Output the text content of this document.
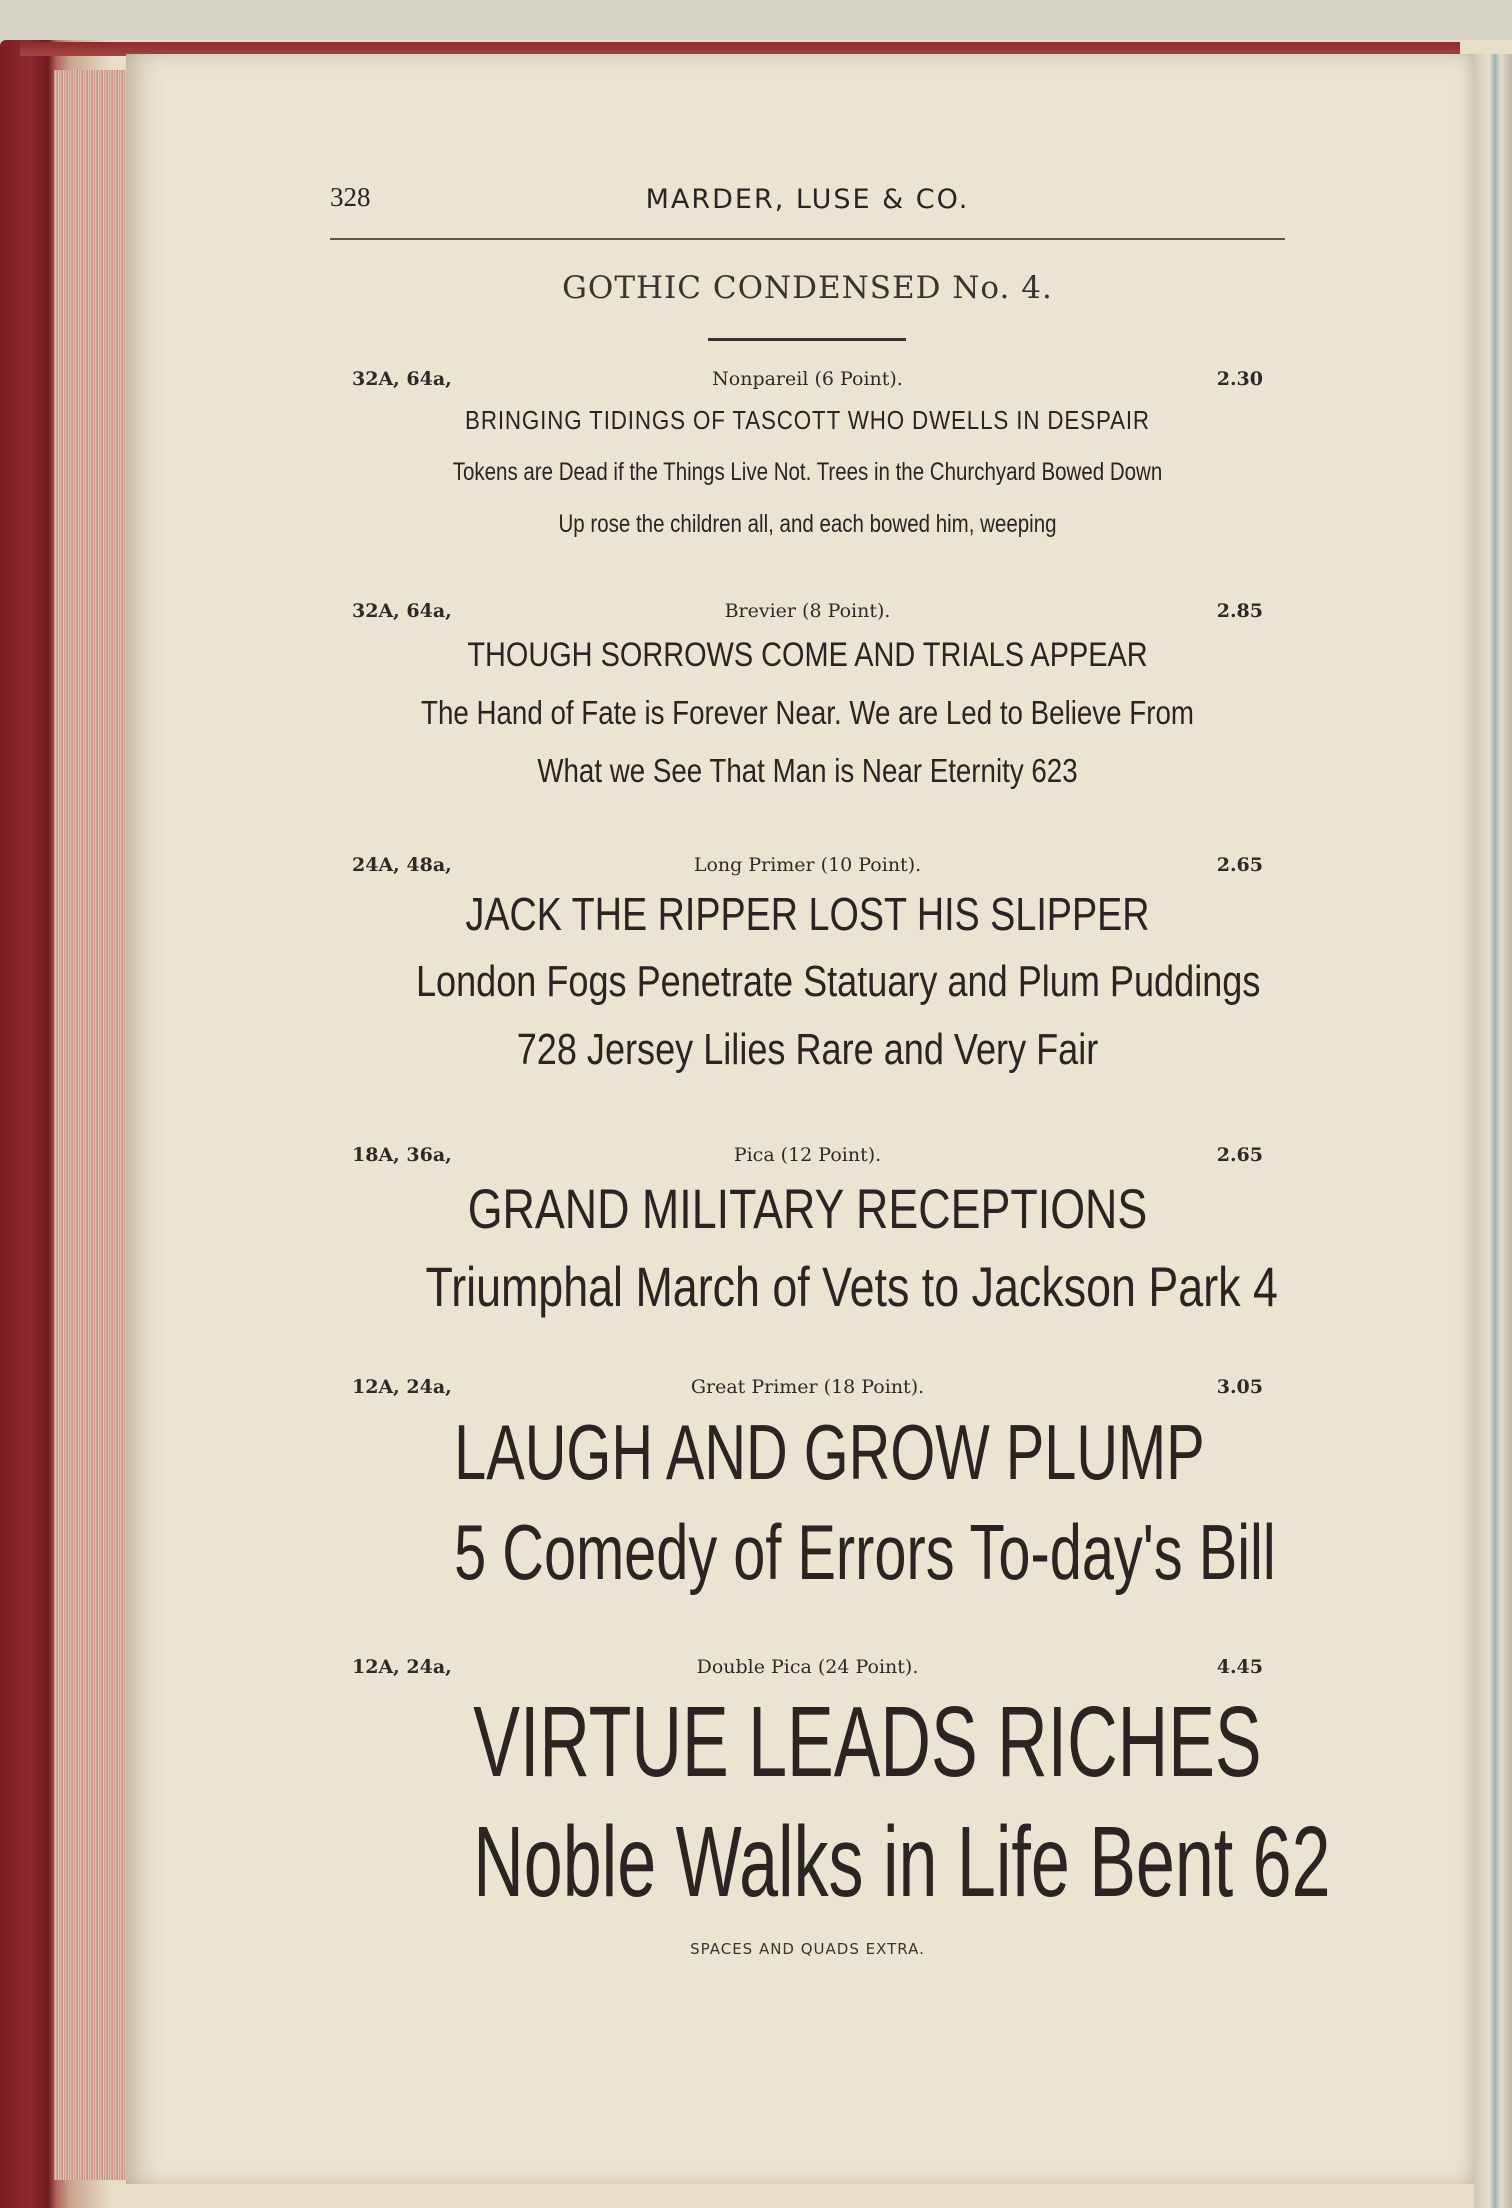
328	MARDER, LUSE & CO.
GOTHIC CONDENSED No. 4.
32A, 64a,	Nonpareil (6 Point).	2.30
BRINGING TIDINGS OF TASCOTT WHO DWELLS IN DESPAIR
Tokens are Dead if the Things Live Not. Trees in the Churchyard Bowed Down
Up rose the children all, and each bowed him, weeping
32A, 64a,	Brevier (8 Point).	2.85
THOUGH SORROWS COME AND TRIALS APPEAR
The Hand of Fate is Forever Near. We are Led to Believe From
What we See That Man is Near Eternity 623
24A, 48a,	Long Primer (10 Point).	2.65
JACK THE RIPPER LOST HIS SLIPPER
London Fogs Penetrate Statuary and Plum Puddings
728 Jersey Lilies Rare and Very Fair
18A, 36a,	Pica (12 Point).	2.65
GRAND MILITARY RECEPTIONS
Triumphal March of Vets to Jackson Park 4
12A, 24a,	Great Primer (18 Point).	3.05
LAUGH AND GROW PLUMP
5 Comedy of Errors To-day's Bill
12A, 24a,	Double Pica (24 Point).	4.45
VIRTUE LEADS RICHES
Noble Walks in Life Bent 62
SPACES AND QUADS EXTRA.
